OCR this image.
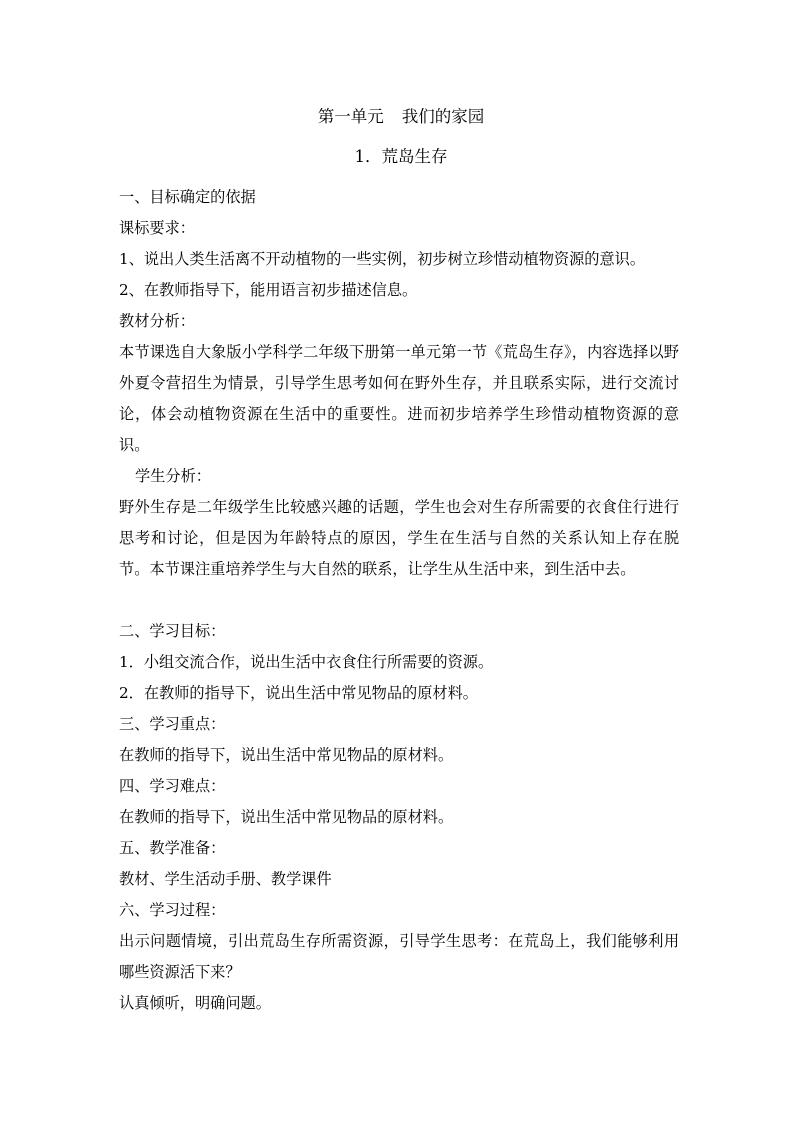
第一单元 我们的家园
1．荒岛生存

一、目标确定的依据

课标要求：

1、说出人类生活离不开动植物的一些实例，初步树立珍惜动植物资源的意识。

2、在教师指导下，能用语言初步描述信息。

教材分析：

本节课选自大象版小学科学二年级下册第一单元第一节《荒岛生存》，内容选择以野外夏令营招生为情景，引导学生思考如何在野外生存，并且联系实际，进行交流讨论，体会动植物资源在生活中的重要性。进而初步培养学生珍惜动植物资源的意识。

学生分析：

野外生存是二年级学生比较感兴趣的话题，学生也会对生存所需要的衣食住行进行思考和讨论，但是因为年龄特点的原因，学生在生活与自然的关系认知上存在脱节。本节课注重培养学生与大自然的联系，让学生从生活中来，到生活中去。

二、学习目标：

1．小组交流合作，说出生活中衣食住行所需要的资源。

2．在教师的指导下，说出生活中常见物品的原材料。

三、学习重点：

在教师的指导下，说出生活中常见物品的原材料。

四、学习难点：

在教师的指导下，说出生活中常见物品的原材料。

五、教学准备：

教材、学生活动手册、教学课件

六、学习过程：

出示问题情境，引出荒岛生存所需资源，引导学生思考：在荒岛上，我们能够利用哪些资源活下来？

认真倾听，明确问题。
